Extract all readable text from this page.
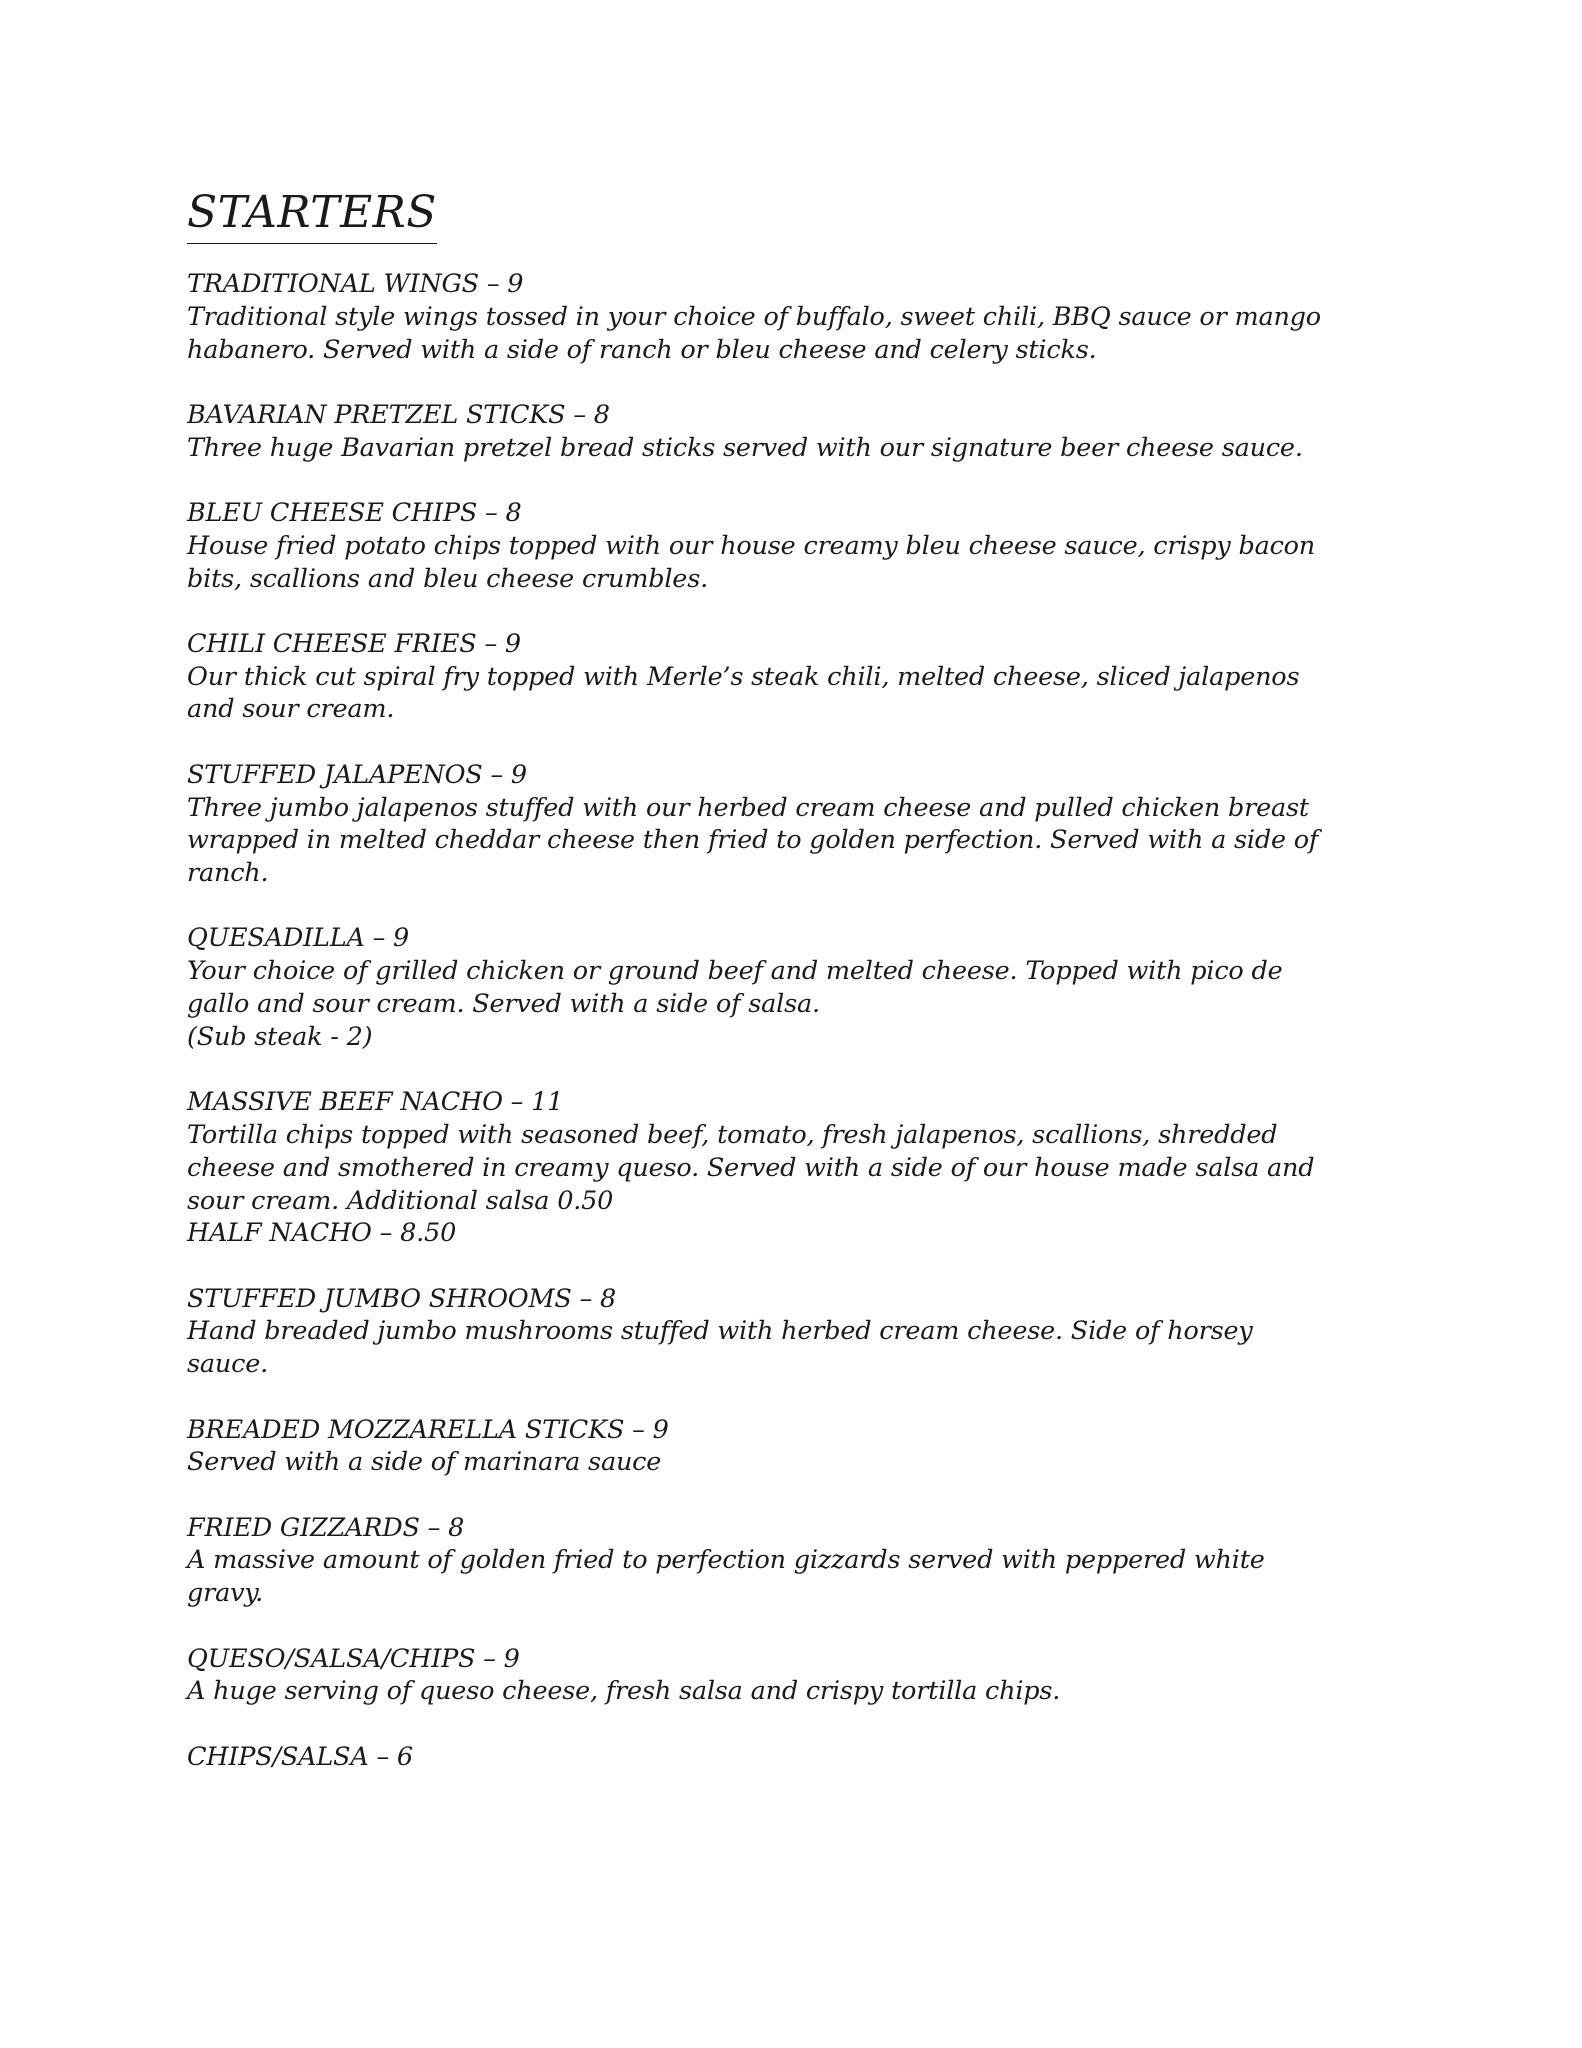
STARTERS

TRADITIONAL WINGS – 9

Traditional style wings tossed in your choice of buffalo, sweet chili, BBQ sauce or mango
habanero. Served with a side of ranch or bleu cheese and celery sticks.

BAVARIAN PRETZEL STICKS – 8

Three huge Bavarian pretzel bread sticks served with our signature beer cheese sauce.

BLEU CHEESE CHIPS – 8

House fried potato chips topped with our house creamy bleu cheese sauce, crispy bacon
bits, scallions and bleu cheese crumbles.

CHILI CHEESE FRIES – 9

Our thick cut spiral fry topped with Merle’s steak chili, melted cheese, sliced jalapenos
and sour cream.

STUFFED JALAPENOS – 9

Three jumbo jalapenos stuffed with our herbed cream cheese and pulled chicken breast
wrapped in melted cheddar cheese then fried to golden perfection. Served with a side of
ranch.

QUESADILLA – 9

Your choice of grilled chicken or ground beef and melted cheese. Topped with pico de
gallo and sour cream. Served with a side of salsa.
(Sub steak - 2)

MASSIVE BEEF NACHO – 11

Tortilla chips topped with seasoned beef, tomato, fresh jalapenos, scallions, shredded
cheese and smothered in creamy queso. Served with a side of our house made salsa and
sour cream. Additional salsa 0.50
HALF NACHO – 8.50

STUFFED JUMBO SHROOMS – 8

Hand breaded jumbo mushrooms stuffed with herbed cream cheese. Side of horsey
sauce.

BREADED MOZZARELLA STICKS – 9

Served with a side of marinara sauce

FRIED GIZZARDS – 8

A massive amount of golden fried to perfection gizzards served with peppered white
gravy.

QUESO/SALSA/CHIPS – 9

A huge serving of queso cheese, fresh salsa and crispy tortilla chips.

CHIPS/SALSA – 6
